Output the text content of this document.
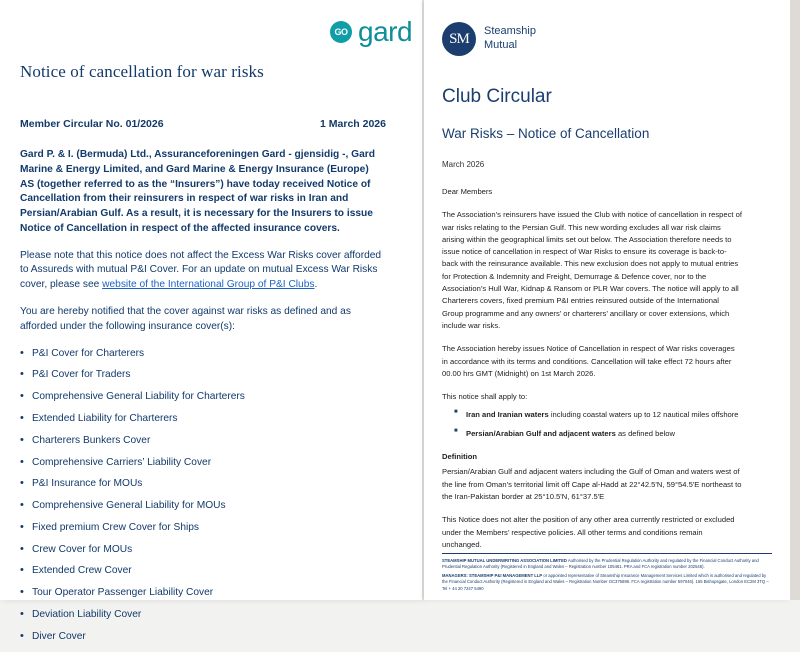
GO gard
Notice of cancellation for war risks
Member Circular No. 01/2026	1 March 2026

Gard P. & I. (Bermuda) Ltd., Assuranceforeningen Gard - gjensidig -, Gard Marine & Energy Limited, and Gard Marine & Energy Insurance (Europe) AS (together referred to as the “Insurers”) have today received Notice of Cancellation from their reinsurers in respect of war risks in Iran and Persian/Arabian Gulf. As a result, it is necessary for the Insurers to issue Notice of Cancellation in respect of the affected insurance covers.

Please note that this notice does not affect the Excess War Risks cover afforded to Assureds with mutual P&I Cover. For an update on mutual Excess War Risks cover, please see website of the International Group of P&I Clubs.

You are hereby notified that the cover against war risks as defined and as afforded under the following insurance cover(s):

• P&I Cover for Charterers
• P&I Cover for Traders
• Comprehensive General Liability for Charterers
• Extended Liability for Charterers
• Charterers Bunkers Cover
• Comprehensive Carriers’ Liability Cover
• P&I Insurance for MOUs
• Comprehensive General Liability for MOUs
• Fixed premium Crew Cover for Ships
• Crew Cover for MOUs
• Extended Crew Cover
• Tour Operator Passenger Liability Cover
• Deviation Liability Cover
• Diver Cover
SM	Steamship
Mutual
Club Circular
War Risks – Notice of Cancellation
March 2026

Dear Members

The Association’s reinsurers have issued the Club with notice of cancellation in respect of war risks relating to the Persian Gulf. This new wording excludes all war risk claims arising within the geographical limits set out below. The Association therefore needs to issue notice of cancellation in respect of War Risks to ensure its coverage is back-to-back with the reinsurance available. This new exclusion does not apply to mutual entries for Protection & Indemnity and Freight, Demurrage & Defence cover, nor to the Association’s Hull War, Kidnap & Ransom or PLR War covers. The notice will apply to all Charterers covers, fixed premium P&I entries reinsured outside of the International Group programme and any owners’ or charterers’ ancillary or cover extensions, which include war risks.

The Association hereby issues Notice of Cancellation in respect of War risks coverages in accordance with its terms and conditions. Cancellation will take effect 72 hours after 00.00 hrs GMT (Midnight) on 1st March 2026.

This notice shall apply to:

■ Iran and Iranian waters including coastal waters up to 12 nautical miles offshore
■ Persian/Arabian Gulf and adjacent waters as defined below

Definition

Persian/Arabian Gulf and adjacent waters including the Gulf of Oman and waters west of the line from Oman’s territorial limit off Cape al-Hadd at 22°42.5'N, 59°54.5'E northeast to the Iran-Pakistan border at 25°10.5'N, 61°37.5'E

This Notice does not alter the position of any other area currently restricted or excluded under the Members’ respective policies. All other terms and conditions remain unchanged.

STEAMSHIP MUTUAL UNDERWRITING ASSOCIATION LIMITED Authorised by the Prudential Regulation Authority and regulated by the Financial Conduct Authority and Prudential Regulation Authority (Registered in England and Wales – Registration number 105461. PRA and FCA registration number 202548).
MANAGERS: STEAMSHIP P&I MANAGEMENT LLP or appointed representative of Steamship Insurance Management Services Limited which is authorised and regulated by the Financial Conduct Authority (Registered in England and Wales – Registration Number OC375698. FCA registration number 597046). 155 Bishopsgate, London EC2M 3TQ – Tel + 44 20 7247 5490
